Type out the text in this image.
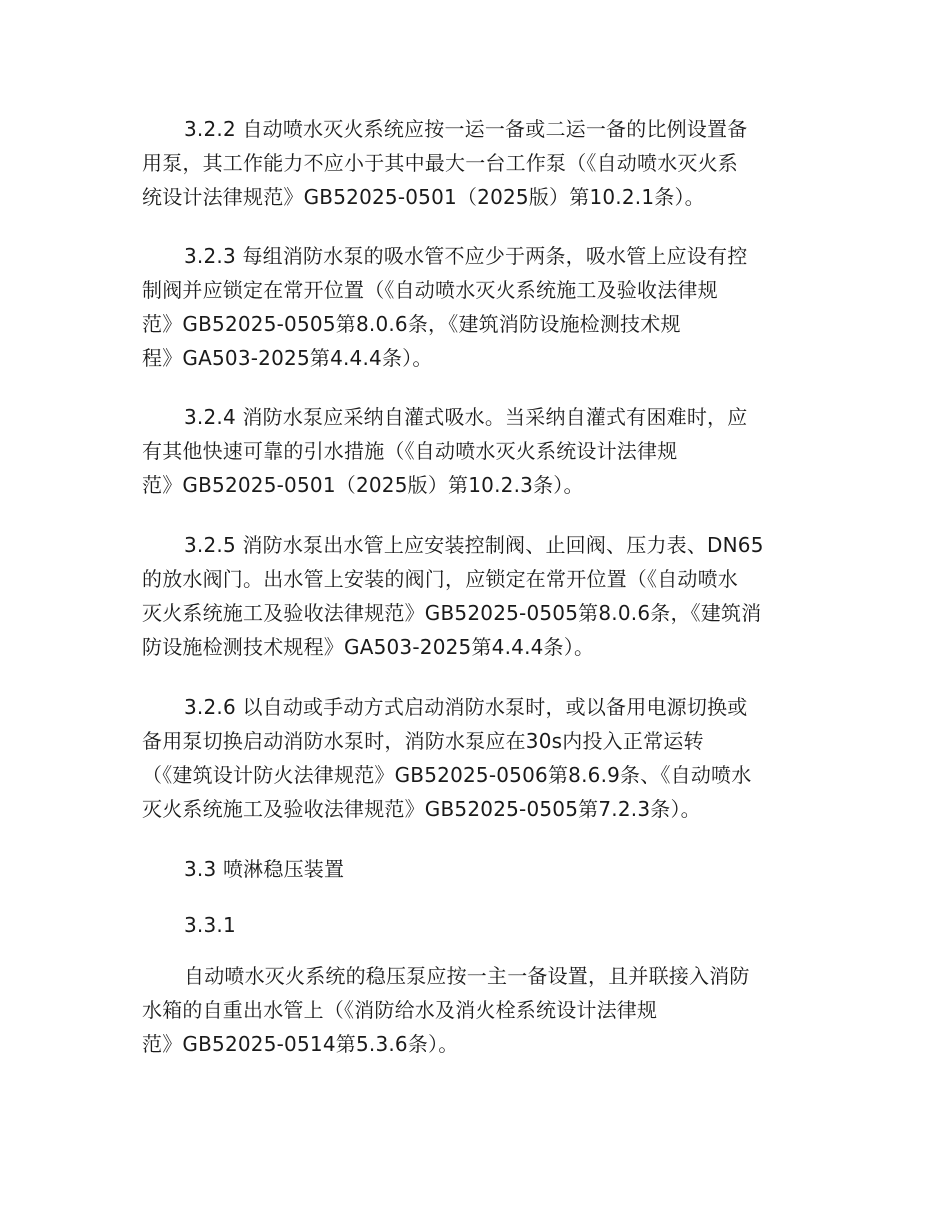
3.2.2 自动喷水灭火系统应按一运一备或二运一备的比例设置备
用泵，其工作能力不应小于其中最大一台工作泵（《自动喷水灭火系
统设计法律规范》GB52025-0501（2025版）第10.2.1条）。

3.2.3 每组消防水泵的吸水管不应少于两条，吸水管上应设有控
制阀并应锁定在常开位置（《自动喷水灭火系统施工及验收法律规
范》GB52025-0505第8.0.6条，《建筑消防设施检测技术规
程》GA503-2025第4.4.4条）。

3.2.4 消防水泵应采纳自灌式吸水。当采纳自灌式有困难时，应
有其他快速可靠的引水措施（《自动喷水灭火系统设计法律规
范》GB52025-0501（2025版）第10.2.3条）。

3.2.5 消防水泵出水管上应安装控制阀、止回阀、压力表、DN65
的放水阀门。出水管上安装的阀门，应锁定在常开位置（《自动喷水
灭火系统施工及验收法律规范》GB52025-0505第8.0.6条，《建筑消
防设施检测技术规程》GA503-2025第4.4.4条）。

3.2.6 以自动或手动方式启动消防水泵时，或以备用电源切换或
备用泵切换启动消防水泵时，消防水泵应在30s内投入正常运转
（《建筑设计防火法律规范》GB52025-0506第8.6.9条、《自动喷水
灭火系统施工及验收法律规范》GB52025-0505第7.2.3条）。

3.3 喷淋稳压装置

3.3.1

自动喷水灭火系统的稳压泵应按一主一备设置，且并联接入消防
水箱的自重出水管上（《消防给水及消火栓系统设计法律规
范》GB52025-0514第5.3.6条）。
